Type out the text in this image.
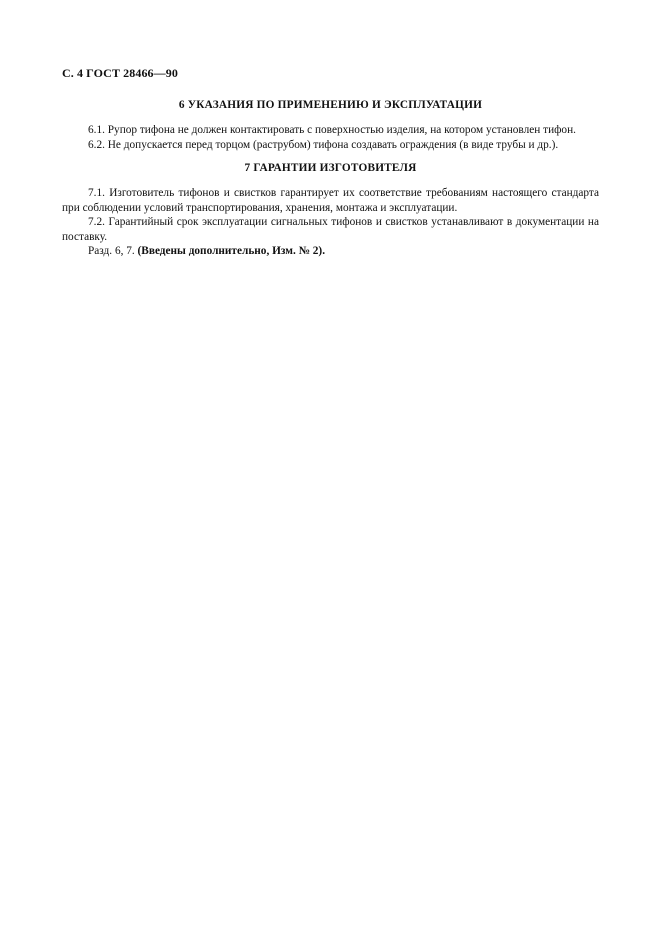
С. 4 ГОСТ 28466—90

6 УКАЗАНИЯ ПО ПРИМЕНЕНИЮ И ЭКСПЛУАТАЦИИ

6.1. Рупор тифона не должен контактировать с поверхностью изделия, на котором установлен тифон.

6.2. Не допускается перед торцом (раструбом) тифона создавать ограждения (в виде трубы и др.).

7 ГАРАНТИИ ИЗГОТОВИТЕЛЯ

7.1. Изготовитель тифонов и свистков гарантирует их соответствие требованиям настоящего стандарта при соблюдении условий транспортирования, хранения, монтажа и эксплуатации.

7.2. Гарантийный срок эксплуатации сигнальных тифонов и свистков устанавливают в документации на поставку.

Разд. 6, 7. (Введены дополнительно, Изм. № 2).
